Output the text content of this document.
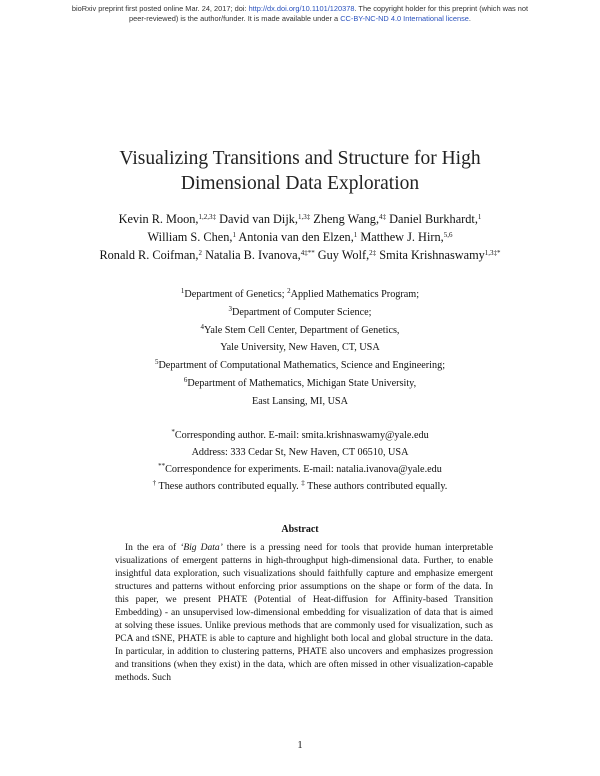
bioRxiv preprint first posted online Mar. 24, 2017; doi: http://dx.doi.org/10.1101/120378. The copyright holder for this preprint (which was not
peer-reviewed) is the author/funder. It is made available under a CC-BY-NC-ND 4.0 International license.
Visualizing Transitions and Structure for High
Dimensional Data Exploration
Kevin R. Moon,$^{1,2,3\ddagger}$ David van Dijk,$^{1,3\ddagger}$ Zheng Wang,$^{4\ddagger}$ Daniel Burkhardt,$^1$
William S. Chen,$^1$ Antonia van den Elzen,$^1$ Matthew J. Hirn,$^{5,6}$
Ronald R. Coifman,$^2$ Natalia B. Ivanova,$^{4\ddagger**}$ Guy Wolf,$^{2\ddagger}$ Smita Krishnaswamy$^{1,3\ddagger*}$
$^1$Department of Genetics; $^2$Applied Mathematics Program;
$^3$Department of Computer Science;
$^4$Yale Stem Cell Center, Department of Genetics,
Yale University, New Haven, CT, USA
$^5$Department of Computational Mathematics, Science and Engineering;
$^6$Department of Mathematics, Michigan State University,
East Lansing, MI, USA
*Corresponding author. E-mail: smita.krishnaswamy@yale.edu
Address: 333 Cedar St, New Haven, CT 06510, USA
**Correspondence for experiments. E-mail: natalia.ivanova@yale.edu
† These authors contributed equally. ‡ These authors contributed equally.
Abstract
In the era of ‘Big Data’ there is a pressing need for tools that provide human interpretable visualizations of emergent patterns in high-throughput high-dimensional data. Further, to enable insightful data exploration, such visualizations should faithfully capture and emphasize emergent structures and patterns without enforcing prior assumptions on the shape or form of the data. In this paper, we present PHATE (Potential of Heat-diffusion for Affinity-based Transition Embedding) - an unsupervised low-dimensional embedding for visualization of data that is aimed at solving these issues. Unlike previous methods that are commonly used for visualization, such as PCA and tSNE, PHATE is able to capture and highlight both local and global structure in the data. In particular, in addition to clustering patterns, PHATE also uncovers and emphasizes progression and transitions (when they exist) in the data, which are often missed in other visualization-capable methods. Such
1
